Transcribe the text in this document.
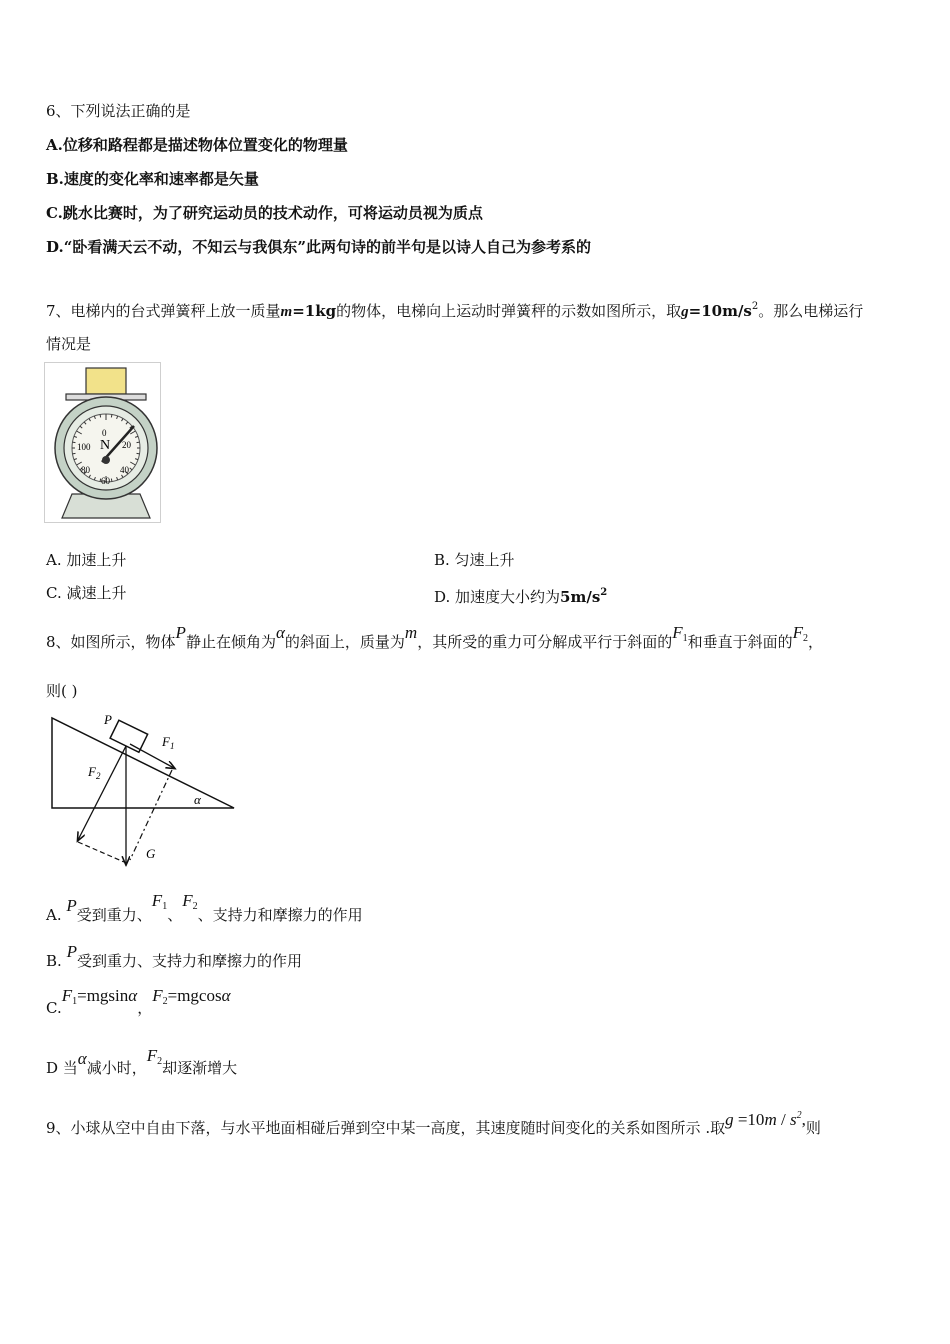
6、下列说法正确的是
A.位移和路程都是描述物体位置变化的物理量
B.速度的变化率和速率都是矢量
C.跳水比赛时，为了研究运动员的技术动作，可将运动员视为质点
D.“卧看满天云不动，不知云与我俱东”此两句诗的前半句是以诗人自己为参考系的
7、电梯内的台式弹簧秤上放一质量m=1kg的物体，电梯向上运动时弹簧秤的示数如图所示，取$g=10m/s^2$。那么电梯运行
情况是
0
20
40
60
80
100 N
A. 加速上升	B. 匀速上升
C. 减速上升	D. 加速度大小约为$5m/s^2$
8、如图所示，物体P静止在倾角为α的斜面上，质量为m，其所受的重力可分解成平行于斜面的$F_1$和垂直于斜面的$F_2$，
则( )
P
$F_1$
$F_2$
α
G
A. P受到重力、$F_1$、$F_2$、支持力和摩擦力的作用
B. P受到重力、支持力和摩擦力的作用
$C.F_1=mgsin\alpha$，$F_2=mgcos\alpha$
D 当α减小时，$F_2$却逐渐增大
9、小球从空中自由下落，与水平地面相碰后弹到空中某一高度，其速度随时间变化的关系如图所示 .取$g =10m / s^2$,则
